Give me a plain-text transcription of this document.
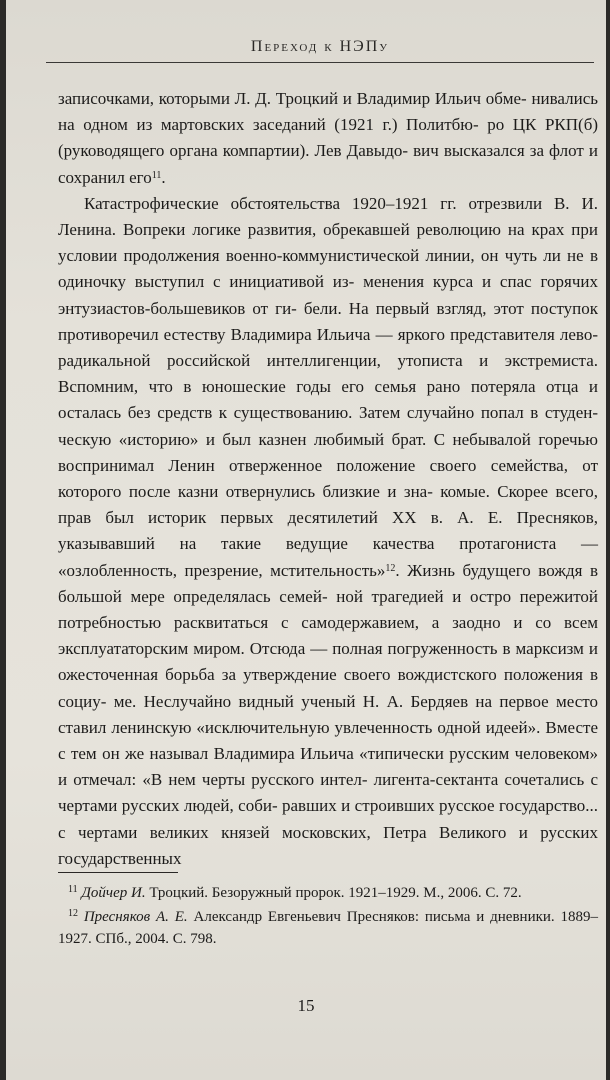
Переход к НЭПу

записочками, которыми Л. Д. Троцкий и Владимир Ильич обме- нивались на одном из мартовских заседаний (1921 г.) Политбю- ро ЦК РКП(б) (руководящего органа компартии). Лев Давыдо- вич высказался за флот и сохранил его$^{11}$.

Катастрофические обстоятельства 1920–1921 гг. отрезвили В. И. Ленина. Вопреки логике развития, обрекавшей революцию на крах при условии продолжения военно-коммунистической линии, он чуть ли не в одиночку выступил с инициативой из- менения курса и спас горячих энтузиастов-большевиков от ги- бели. На первый взгляд, этот поступок противоречил естеству Владимира Ильича — яркого представителя лево-радикальной российской интеллигенции, утописта и экстремиста. Вспомним, что в юношеские годы его семья рано потеряла отца и осталась без средств к существованию. Затем случайно попал в студен- ческую «историю» и был казнен любимый брат. С небывалой горечью воспринимал Ленин отверженное положение своего семейства, от которого после казни отвернулись близкие и зна- комые. Скорее всего, прав был историк первых десятилетий XX в. А. Е. Пресняков, указывавший на такие ведущие качества протагониста — «озлобленность, презрение, мстительность»$^{12}$. Жизнь будущего вождя в большой мере определялась семей- ной трагедией и остро пережитой потребностью расквитаться с самодержавием, а заодно и со всем эксплуататорским миром. Отсюда — полная погруженность в марксизм и ожесточенная борьба за утверждение своего вождистского положения в социу- ме. Неслучайно видный ученый Н. А. Бердяев на первое место ставил ленинскую «исключительную увлеченность одной идеей». Вместе с тем он же называл Владимира Ильича «типически русским человеком» и отмечал: «В нем черты русского интел- лигента-сектанта сочетались с чертами русских людей, соби- равших и строивших русское государство... с чертами великих князей московских, Петра Великого и русских государственных

$^{11}$ Дойчер И. Троцкий. Безоружный пророк. 1921–1929. М., 2006. С. 72.

$^{12}$ Пресняков А. Е. Александр Евгеньевич Пресняков: письма и дневники. 1889–1927. СПб., 2004. С. 798.

15
